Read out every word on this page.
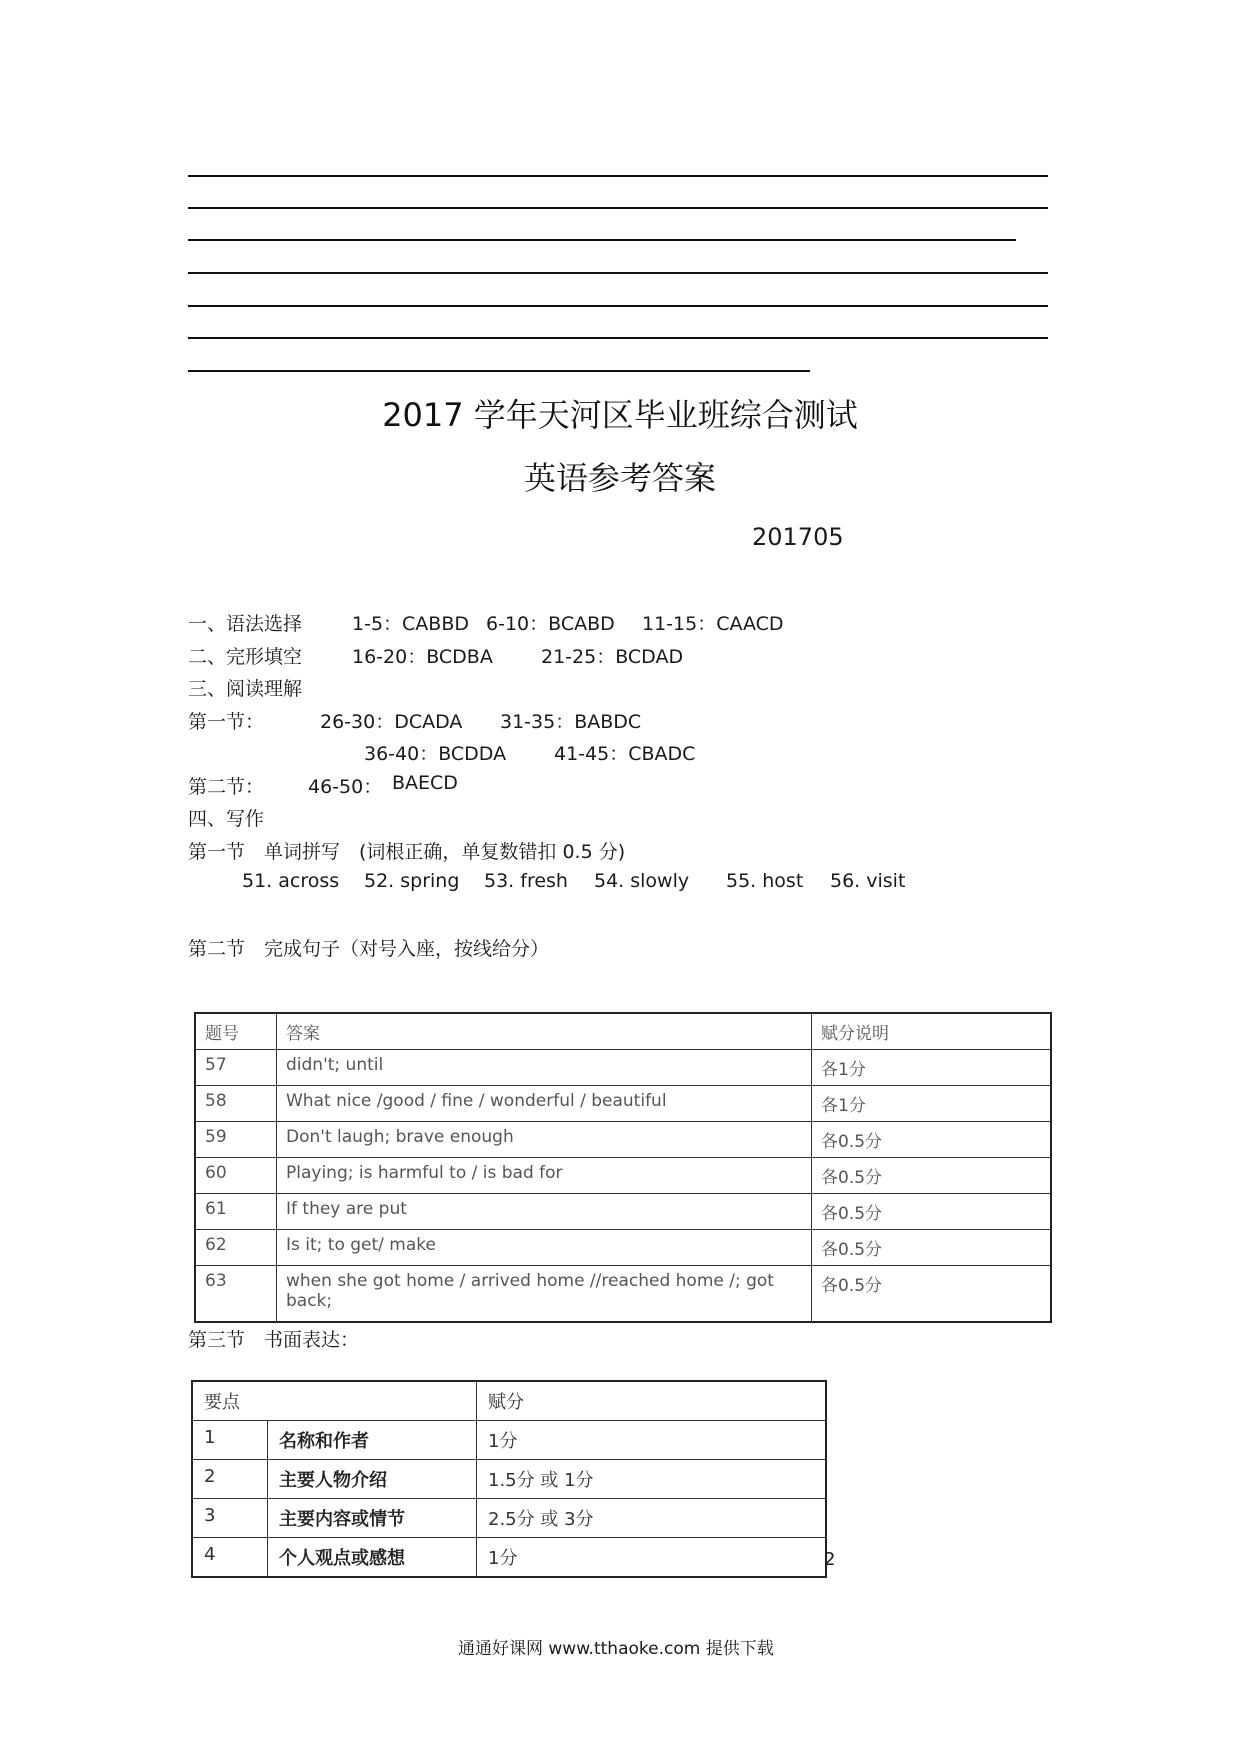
2017 学年天河区毕业班综合测试
英语参考答案
201705
一、语法选择	1-5：CABBD 6-10：BCABD 11-15：CAACD
二、完形填空	16-20：BCDBA	21-25：BCDAD
三、阅读理解
第一节：	26-30：DCADA 31-35：BABDC
36-40：BCDDA	41-45：CBADC
第二节： 46-50： BAECD
四、写作
第一节　单词拼写　(词根正确，单复数错扣 0.5 分)
51. across 52. spring 53. fresh 54. slowly 55. host 56. visit
第二节　完成句子（对号入座，按线给分）
题号	答案	赋分说明
57	didn't; until	各1分
58	What nice /good / fine / wonderful / beautiful	各1分
59	Don't laugh; brave enough	各0.5分
60	Playing; is harmful to / is bad for	各0.5分
61	If they are put	各0.5分
62	Is it; to get/ make	各0.5分
63	when she got home / arrived home //reached home /; got back;	各0.5分
第三节　书面表达：
要点		赋分
1	名称和作者	1分
2	主要人物介绍	1.5分 或 1分
3	主要内容或情节	2.5分 或 3分
4	个人观点或感想	1分	2
通通好课网 www.tthaoke.com 提供下载
